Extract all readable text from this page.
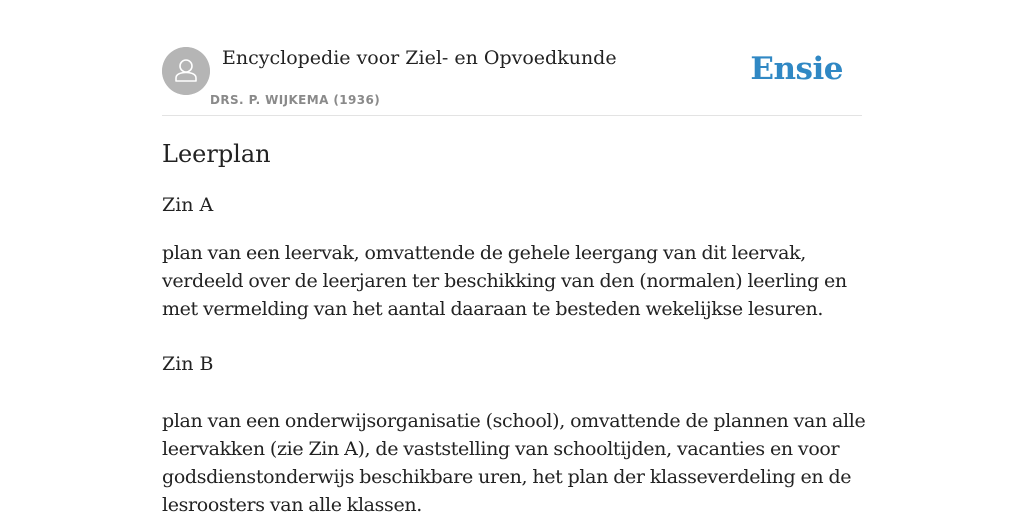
Encyclopedie voor Ziel- en Opvoedkunde
DRS. P. WIJKEMA (1936)
Ensie
Leerplan
Zin A

plan van een leervak, omvattende de gehele leergang van dit leervak, verdeeld over de leerjaren ter beschikking van den (normalen) leerling en met vermelding van het aantal daaraan te besteden wekelijkse lesuren.

Zin B

plan van een onderwijsorganisatie (school), omvattende de plannen van alle leervakken (zie Zin A), de vaststelling van schooltijden, vacanties en voor godsdienstonderwijs beschikbare uren, het plan der klasseverdeling en de lesroosters van alle klassen.
